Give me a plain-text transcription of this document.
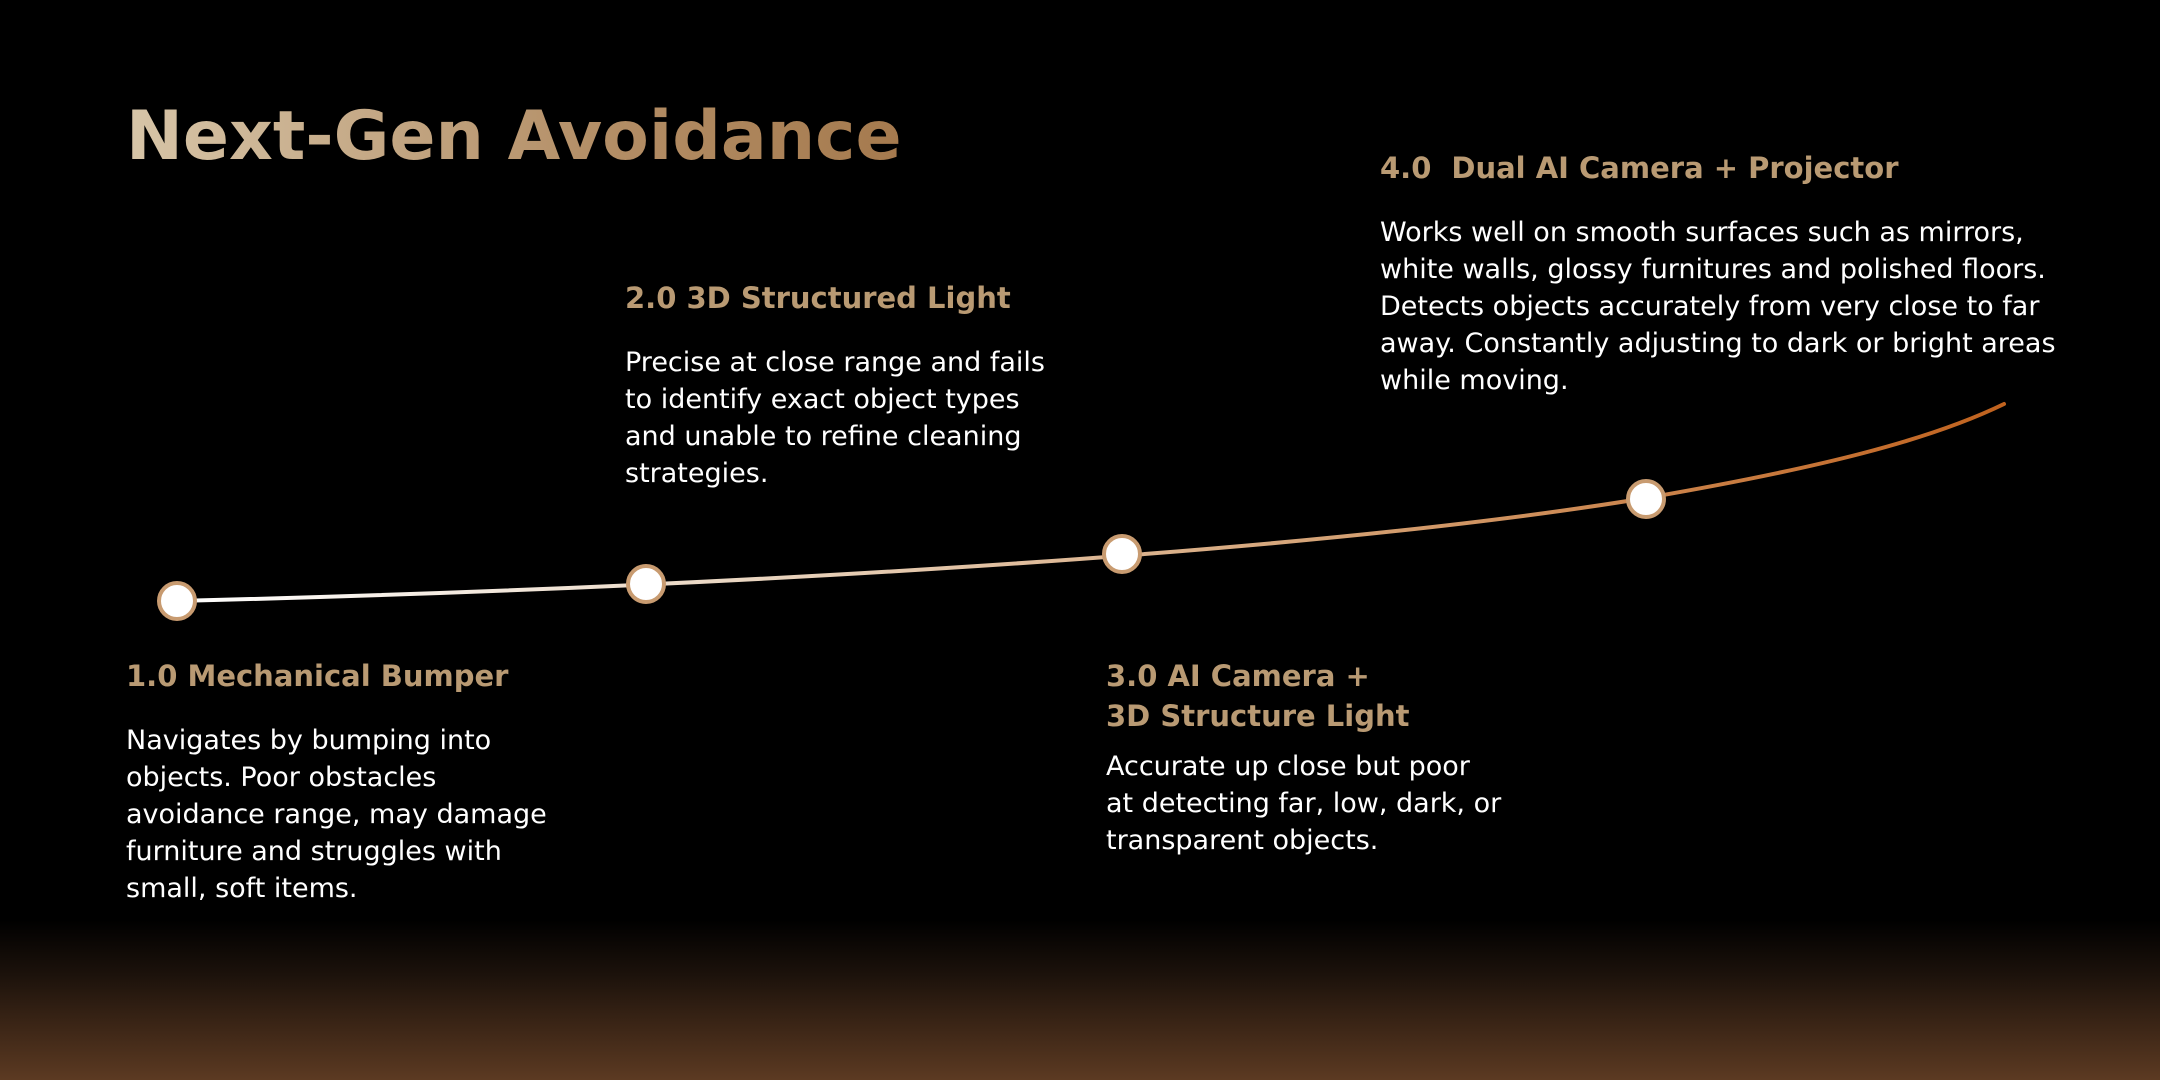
Next-Gen Avoidance
1.0 Mechanical Bumper

Navigates by bumping into
objects. Poor obstacles
avoidance range, may damage
furniture and struggles with
small, soft items.

2.0 3D Structured Light

Precise at close range and fails
to identify exact object types
and unable to refine cleaning
strategies.

3.0 AI Camera +
3D Structure Light

Accurate up close but poor
at detecting far, low, dark, or
transparent objects.

4.0 Dual AI Camera + Projector

Works well on smooth surfaces such as mirrors,
white walls, glossy furnitures and polished floors.
Detects objects accurately from very close to far
away. Constantly adjusting to dark or bright areas
while moving.
